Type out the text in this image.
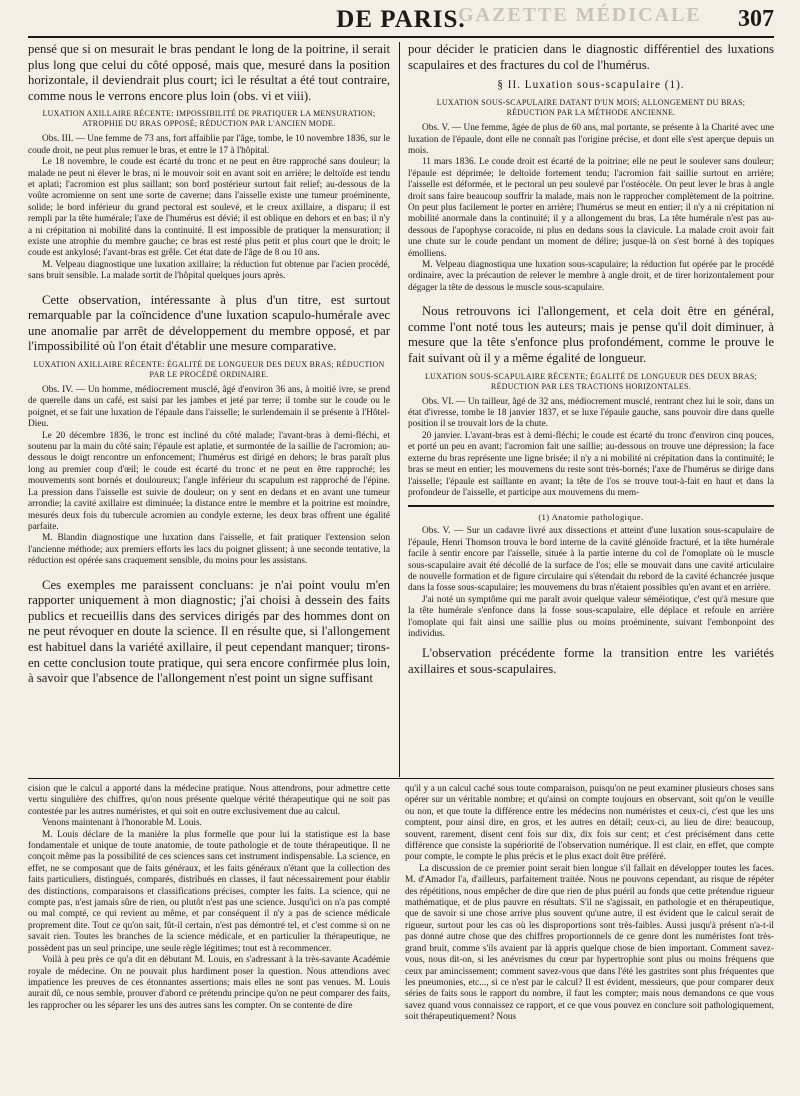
GAZETTE MÉDICALE
DE PARIS.	307

pensé que si on mesurait le bras pendant le long de la poitrine, il serait plus long que celui du côté opposé, mais que, mesuré dans la position horizontale, il deviendrait plus court; ici le résultat a été tout contraire, comme nous le verrons encore plus loin (obs. vi et viii).

LUXATION AXILLAIRE RÉCENTE: IMPOSSIBILITÉ DE PRATIQUER LA MENSURATION; ATROPHIE DU BRAS OPPOSÉ; RÉDUCTION PAR L'ANCIEN MODE.

Obs. III. — Une femme de 73 ans, fort affaiblie par l'âge, tombe, le 10 novembre 1836, sur le coude droit, ne peut plus remuer le bras, et entre le 17 à l'hôpital.

Le 18 novembre, le coude est écarté du tronc et ne peut en être rapproché sans douleur; la malade ne peut ni élever le bras, ni le mouvoir soit en avant soit en arrière; le deltoïde est tendu et aplati; l'acromion est plus saillant; son bord postérieur surtout fait relief; au-dessous de la voûte acromienne on sent une sorte de caverne; dans l'aisselle existe une tumeur proéminente, solide; le bord inférieur du grand pectoral est soulevé, et le creux axillaire, a disparu; il est rempli par la tête humérale; l'axe de l'humérus est dévié; il est oblique en dehors et en bas; il n'y a ni crépitation ni mobilité dans la continuité. Il est impossible de pratiquer la mensuration; il existe une atrophie du membre gauche; ce bras est resté plus petit et plus court que le droit; le coude est ankylosé; l'avant-bras est grêle. Cet état date de l'âge de 8 ou 10 ans.

M. Velpeau diagnostique une luxation axillaire; la réduction fut obtenue par l'acien procédé, sans bruit sensible. La malade sortit de l'hôpital quelques jours après.

Cette observation, intéressante à plus d'un titre, est surtout remarquable par la coïncidence d'une luxation scapulo-humérale avec une anomalie par arrêt de développement du membre opposé, et par l'impossibilité où l'on était d'établir une mesure comparative.

LUXATION AXILLAIRE RÉCENTE: ÉGALITÉ DE LONGUEUR DES DEUX BRAS; RÉDUCTION PAR LE PROCÉDÉ ORDINAIRE.

Obs. IV. — Un homme, médiocrement musclé, âgé d'environ 36 ans, à moitié ivre, se prend de querelle dans un café, est saisi par les jambes et jeté par terre; il tombe sur le coude ou le poignet, et se fait une luxation de l'épaule dans l'aisselle; le surlendemain il se présente à l'Hôtel-Dieu.

Le 20 décembre 1836, le tronc est incliné du côté malade; l'avant-bras à demi-fléchi, et soutenu par la main du côté sain; l'épaule est aplatie, et surmontée de la saillie de l'acromion; au-dessous le doigt rencontre un enfoncement; l'humérus est dirigé en dehors; le bras paraît plus long au premier coup d'œil; le coude est écarté du tronc et ne peut en être rapproché; les mouvements sont bornés et douloureux; l'angle inférieur du scapulum est rapproché de l'épine. La pression dans l'aisselle est suivie de douleur; on y sent en dedans et en avant une tumeur arrondie; la cavité axillaire est diminuée; la distance entre le membre et la poitrine est moindre, mesurés deux fois du tubercule acromien au condyle externe, les deux bras offrent une égalité parfaite.

M. Blandin diagnostique une luxation dans l'aisselle, et fait pratiquer l'extension selon l'ancienne méthode; aux premiers efforts les lacs du poignet glissent; à une seconde tentative, la réduction est opérée sans craquement sensible, du moins pour les assistans.

Ces exemples me paraissent concluans: je n'ai point voulu m'en rapporter uniquement à mon diagnostic; j'ai choisi à dessein des faits publics et recueillis dans des services dirigés par des hommes dont on ne peut révoquer en doute la science. Il en résulte que, si l'allongement est habituel dans la variété axillaire, il peut cependant manquer; tirons-en cette conclusion toute pratique, qui sera encore confirmée plus loin, à savoir que l'absence de l'allongement n'est point un signe suffisant

pour décider le praticien dans le diagnostic différentiel des luxations scapulaires et des fractures du col de l'humérus.

§ II. Luxation sous-scapulaire (1).
LUXATION SOUS-SCAPULAIRE DATANT D'UN MOIS; ALLONGEMENT DU BRAS; RÉDUCTION PAR LA MÉTHODE ANCIENNE.

Obs. V. — Une femme, âgée de plus de 60 ans, mal portante, se présente à la Charité avec une luxation de l'épaule, dont elle ne connaît pas l'origine précise, et dont elle s'est aperçue depuis un mois.

11 mars 1836. Le coude droit est écarté de la poitrine; elle ne peut le soulever sans douleur; l'épaule est déprimée; le deltoïde fortement tendu; l'acromion fait saillie surtout en arrière; l'aisselle est déformée, et le pectoral un peu soulevé par l'ostéocèle. On peut lever le bras à angle droit sans faire beaucoup souffrir la malade, mais non le rapprocher complètement de la poitrine. On peut plus facilement le porter en arrière; l'humérus se meut en entier; il n'y a ni crépitation ni mobilité anormale dans la continuité; il y a allongement du bras. La tête humérale n'est pas au-dessous de l'apophyse coracoïde, ni plus en dedans sous la clavicule. La malade croit avoir fait une chute sur le coude pendant un moment de délire; jusque-là on s'est borné à des topiques émolliens.

M. Velpeau diagnostiqua une luxation sous-scapulaire; la réduction fut opérée par le procédé ordinaire, avec la précaution de relever le membre à angle droit, et de tirer horizontalement pour dégager la tête de dessous le muscle sous-scapulaire.

Nous retrouvons ici l'allongement, et cela doit être en général, comme l'ont noté tous les auteurs; mais je pense qu'il doit diminuer, à mesure que la tête s'enfonce plus profondément, comme le prouve le fait suivant où il y a même égalité de longueur.

LUXATION SOUS-SCAPULAIRE RÉCENTE; ÉGALITÉ DE LONGUEUR DES DEUX BRAS; RÉDUCTION PAR LES TRACTIONS HORIZONTALES.

Obs. VI. — Un tailleur, âgé de 32 ans, médiocrement musclé, rentrant chez lui le soir, dans un état d'ivresse, tombe le 18 janvier 1837, et se luxe l'épaule gauche, sans pouvoir dire dans quelle position il se trouvait lors de la chute.

20 janvier. L'avant-bras est à demi-fléchi; le coude est écarté du tronc d'environ cinq pouces, et porté un peu en avant; l'acromion fait une saillie; au-dessous on trouve une dépression; la face externe du bras représente une ligne brisée; il n'y a ni mobilité ni crépitation dans la continuité; le bras se meut en entier; les mouvemens du reste sont très-bornés; l'axe de l'humérus se dirige dans l'aisselle; l'épaule est saillante en avant; la tête de l'os se trouve tout-à-fait en haut et dans la profondeur de l'aisselle, et participe aux mouvemens du mem-

(1) Anatomie pathologique.

Obs. V. — Sur un cadavre livré aux dissections et atteint d'une luxation sous-scapulaire de l'épaule, Henri Thomson trouva le bord interne de la cavité glénoïde fracturé, et la tête humérale facile à sentir encore par l'aisselle, située à la partie interne du col de l'omoplate où le muscle sous-scapulaire avait été décollé de la surface de l'os; elle se mouvait dans une cavité articulaire de nouvelle formation et de figure circulaire qui s'étendait du rebord de la cavité échancrée jusque dans la fosse sous-scapulaire; les mouvemens du bras n'étaient possibles qu'en avant et en arrière.

J'ai noté un symptôme qui me paraît avoir quelque valeur séméiotique, c'est qu'à mesure que la tête humérale s'enfonce dans la fosse sous-scapulaire, elle déplace et refoule en arrière l'omoplate qui fait ainsi une saillie plus ou moins proéminente, suivant l'embonpoint des individus.

L'observation précédente forme la transition entre les variétés axillaires et sous-scapulaires.

cision que le calcul a apporté dans la médecine pratique. Nous attendrons, pour admettre cette vertu singulière des chiffres, qu'on nous présente quelque vérité thérapeutique qui ne soit pas contestée par les autres numéristes, et qui soit en outre exclusivement due au calcul.

Venons maintenant à l'honorable M. Louis.

M. Louis déclare de la manière la plus formelle que pour lui la statistique est la base fondamentale et unique de toute anatomie, de toute pathologie et de toute thérapeutique. Il ne conçoit même pas la possibilité de ces sciences sans cet instrument indispensable. La science, en effet, ne se composant que de faits généraux, et les faits généraux n'étant que la collection des faits particuliers, distingués, comparés, distribués en classes, il faut nécessairement pour établir des distinctions, comparaisons et classifications précises, compter les faits. La science, qui ne compte pas, n'est jamais sûre de rien, ou plutôt n'est pas une science. Jusqu'ici on n'a pas compté ou mal compté, ce qui revient au même, et par conséquent il n'y a pas de science médicale proprement dite. Tout ce qu'on sait, fût-il certain, n'est pas démontré tel, et c'est comme si on ne savait rien. Toutes les branches de la science médicale, et en particulier la thérapeutique, ne possèdent pas un seul principe, une seule règle légitimes; tout est à recommencer.

Voilà à peu près ce qu'a dit en débutant M. Louis, en s'adressant à la très-savante Académie royale de médecine. On ne pouvait plus hardiment poser la question. Nous attendions avec impatience les preuves de ces étonnantes assertions; mais elles ne sont pas venues. M. Louis aurait dû, ce nous semble, prouver d'abord ce prétendu principe qu'on ne peut comparer des faits, les rapprocher ou les séparer les uns des autres sans les compter. On se contente de dire

qu'il y a un calcul caché sous toute comparaison, puisqu'on ne peut examiner plusieurs choses sans opérer sur un véritable nombre; et qu'ainsi on compte toujours en observant, soit qu'on le veuille ou non, et que toute la différence entre les médecins non numéristes et ceux-ci, c'est que les uns comptent, pour ainsi dire, en gros, et les autres en détail; ceux-ci, au lieu de dire: beaucoup, souvent, rarement, disent cent fois sur dix, dix fois sur cent; et c'est précisément dans cette différence que consiste la supériorité de l'observation numérique. Il est clair, en effet, que compte pour compte, le compte le plus précis et le plus exact doit être préféré.

La discussion de ce premier point serait bien longue s'il fallait en développer toutes les faces. M. d'Amador l'a, d'ailleurs, parfaitement traitée. Nous ne pouvons cependant, au risque de répéter des répétitions, nous empêcher de dire que rien de plus puéril au fonds que cette prétendue rigueur mathématique, et de plus pauvre en résultats. S'il ne s'agissait, en pathologie et en thérapeutique, que de savoir si une chose arrive plus souvent qu'une autre, il est évident que le calcul serait de rigueur, surtout pour les cas où les disproportions sont très-faibles. Aussi jusqu'à présent n'a-t-il pas donné autre chose que des chiffres proportionnels de ce genre dont les numéristes font très-grand bruit, comme s'ils avaient par là appris quelque chose de bien important. Comment savez-vous, nous dit-on, si les anévrismes du cœur par hypertrophie sont plus ou moins fréquens que ceux par amincissement; comment savez-vous que dans l'été les gastrites sont plus fréquentes que les pneumonies, etc..., si ce n'est par le calcul? Il est évident, messieurs, que pour comparer deux séries de faits sous le rapport du nombre, il faut les compter; mais nous demandons ce que vous savez quand vous connaissez ce rapport, et ce que vous pouvez en conclure soit pathologiquement, soit thérapeutiquement? Nous
